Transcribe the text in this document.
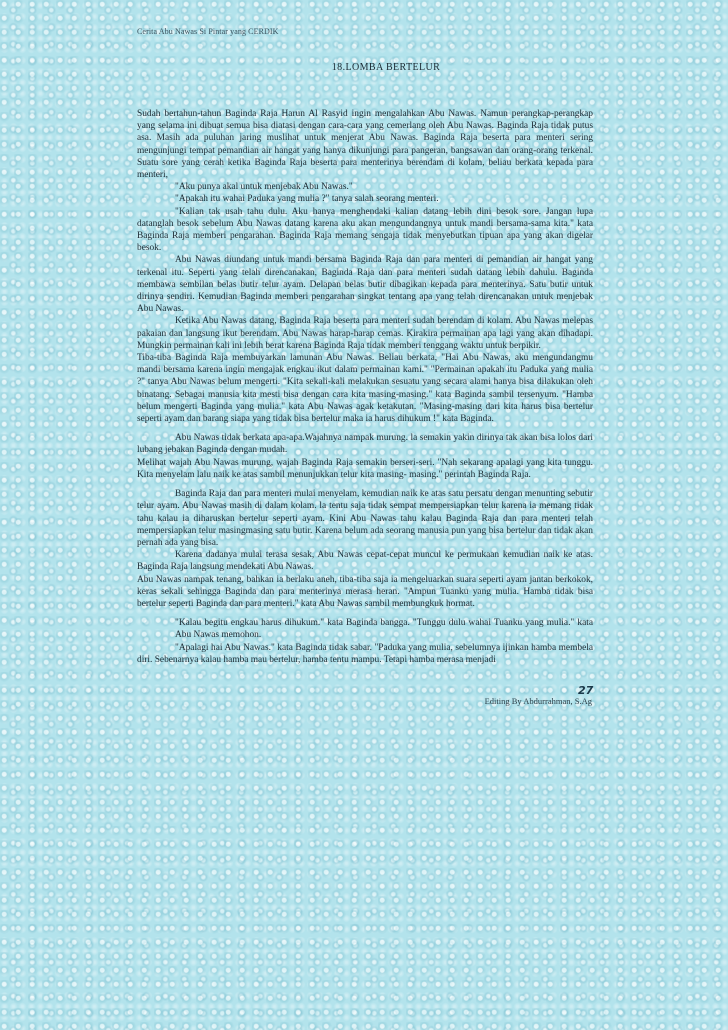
Cerita Abu Nawas Si Pintar yang CERDIK
18.LOMBA BERTELUR

Sudah bertahun-tahun Baginda Raja Harun Al Rasyid ingin mengalahkan Abu Nawas. Namun perangkap-perangkap yang selama ini dibuat semua bisa diatasi dengan cara-cara yang cemerlang oleh Abu Nawas. Baginda Raja tidak putus asa. Masih ada puluhan jaring muslihat untuk menjerat Abu Nawas. Baginda Raja beserta para menteri sering mengunjungi tempat pemandian air hangat yang hanya dikunjungi para pangeran, bangsawan dan orang-orang terkenal. Suatu sore yang cerah ketika Baginda Raja beserta para menterinya berendam di kolam, beliau berkata kepada para menteri,

"Aku punya akal untuk menjebak Abu Nawas."

"Apakah itu wahai Paduka yang mulia ?" tanya salah seorang menteri.

"Kalian tak usah tahu dulu. Aku hanya menghendaki kalian datang lebih dini besok sore. Jangan lupa datanglah besok sebelum Abu Nawas datang karena aku akan mengundangnya untuk mandi bersama-sama kita." kata Baginda Raja memberi pengarahan. Baginda Raja memang sengaja tidak menyebutkan tipuan apa yang akan digelar besok.

Abu Nawas diundang untuk mandi bersama Baginda Raja dan para menteri di pemandian air hangat yang terkenal itu. Seperti yang telah direncanakan, Baginda Raja dan para menteri sudah datang lebih dahulu. Baginda membawa sembilan belas butir telur ayam. Delapan belas butir dibagikan kepada para menterinya. Satu butir untuk dirinya sendiri. Kemudian Baginda memberi pengarahan singkat tentang apa yang telah direncanakan untuk menjebak Abu Nawas.

Ketika Abu Nawas datang, Baginda Raja beserta para menteri sudah berendam di kolam. Abu Nawas melepas pakaian dan langsung ikut berendam. Abu Nawas harap-harap cemas. Kirakira permainan apa lagi yang akan dihadapi. Mungkin permainan kali ini lebih berat karena Baginda Raja tidak memberi tenggang waktu untuk berpikir.

Tiba-tiba Baginda Raja membuyarkan lamunan Abu Nawas. Beliau berkata, "Hai Abu Nawas, aku mengundangmu mandi bersama karena ingin mengajak engkau ikut dalam permainan kami." "Permainan apakah itu Paduka yang mulia ?" tanya Abu Nawas belum mengerti. "Kita sekali-kali melakukan sesuatu yang secara alami hanya bisa dilakukan oleh binatang. Sebagai manusia kita mesti bisa dengan cara kita masing-masing." kata Baginda sambil tersenyum. "Hamba belum mengerti Baginda yang mulia." kata Abu Nawas agak ketakutan. "Masing-masing dari kita harus bisa bertelur seperti ayam dan barang siapa yang tidak bisa bertelur maka ia harus dihukum !" kata Baginda.

Abu Nawas tidak berkata apa-apa.Wajahnya nampak murung. la semakin yakin dirinya tak akan bisa lolos dari lubang jebakan Baginda dengan mudah.

Melihat wajah Abu Nawas murung, wajah Baginda Raja semakin berseri-seri. "Nah sekarang apalagi yang kita tunggu. Kita menyelam lalu naik ke atas sambil menunjukkan telur kita masing- masing." perintah Baginda Raja.

Baginda Raja dan para menteri mulai menyelam, kemudian naik ke atas satu persatu dengan menunting sebutir telur ayam. Abu Nawas masih di dalam kolam. la tentu saja tidak sempat mempersiapkan telur karena ia memang tidak tahu kalau ia diharuskan bertelur seperti ayam. Kini Abu Nawas tahu kalau Baginda Raja dan para menteri telah mempersiapkan telur masingmasing satu butir. Karena belum ada seorang manusia pun yang bisa bertelur dan tidak akan pernah ada yang bisa.

Karena dadanya mulai terasa sesak, Abu Nawas cepat-cepat muncul ke permukaan kemudian naik ke atas. Baginda Raja langsung mendekati Abu Nawas.

Abu Nawas nampak tenang, bahkan ia berlaku aneh, tiba-tiba saja ia mengeluarkan suara seperti ayam jantan berkokok, keras sekali sehingga Baginda dan para menterinya merasa heran. "Ampun Tuanku yang mulia. Hamba tidak bisa bertelur seperti Baginda dan para menteri." kata Abu Nawas sambil membungkuk hormat.

"Kalau begitu engkau harus dihukum." kata Baginda bangga. "Tunggu dulu wahai Tuanku yang mulia." kata Abu Nawas memohon.

"Apalagi hai Abu Nawas." kata Baginda tidak sabar. "Paduka yang mulia, sebelumnya ijinkan hamba membela diri. Sebenarnya kalau hamba mau bertelur, hamba tentu mampu. Tetapi hamba merasa menjadi

27
Editing By Abdurrahman, S.Ag
